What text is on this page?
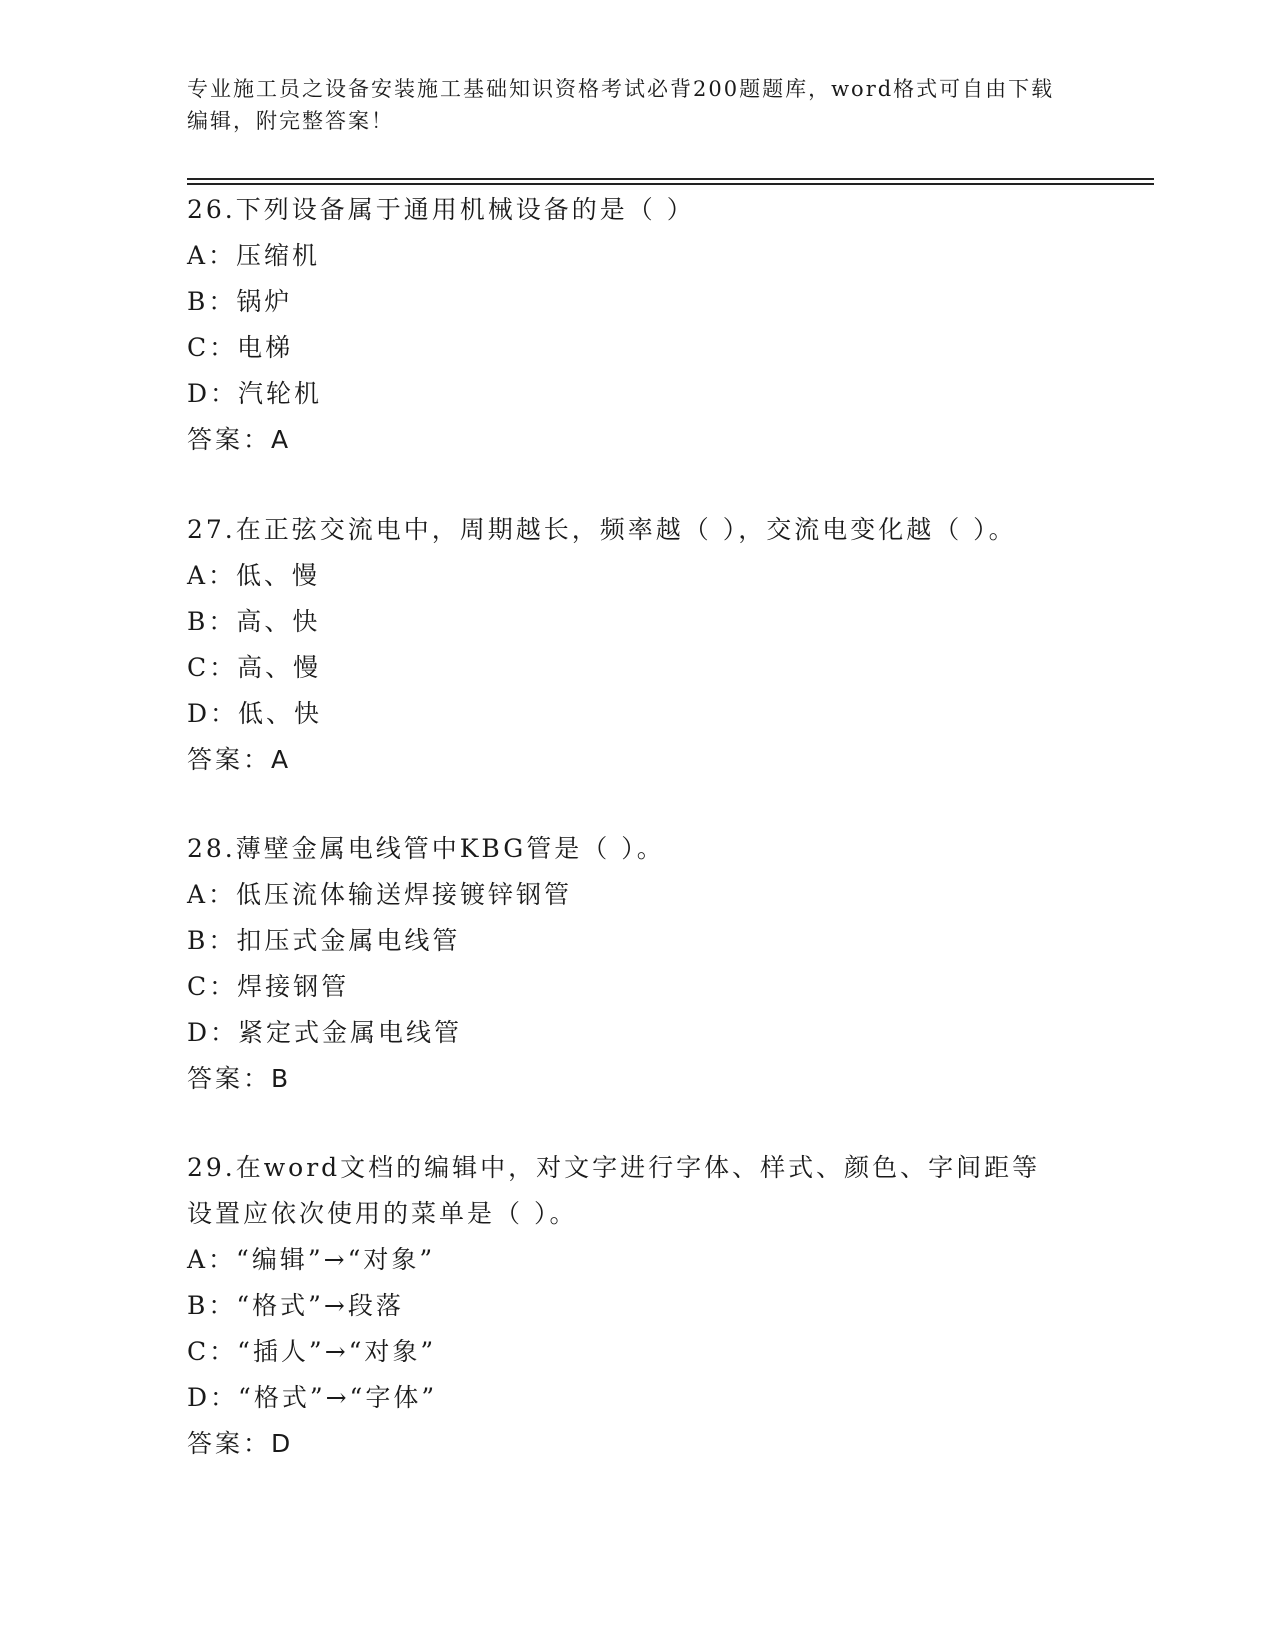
专业施工员之设备安装施工基础知识资格考试必背200题题库，word格式可自由下载编辑，附完整答案！
26.下列设备属于通用机械设备的是（ ）
A：压缩机
B：锅炉
C：电梯
D：汽轮机
答案：A
27.在正弦交流电中，周期越长，频率越（ ），交流电变化越（ ）。
A：低、慢
B：高、快
C：高、慢
D：低、快
答案：A
28.薄壁金属电线管中KBG管是（ ）。
A：低压流体输送焊接镀锌钢管
B：扣压式金属电线管
C：焊接钢管
D：紧定式金属电线管
答案：B
29.在word文档的编辑中，对文字进行字体、样式、颜色、字间距等设置应依次使用的菜单是（ ）。
A：“编辑”→“对象”
B：“格式”→段落
C：“插人”→“对象”
D：“格式”→“字体”
答案：D
